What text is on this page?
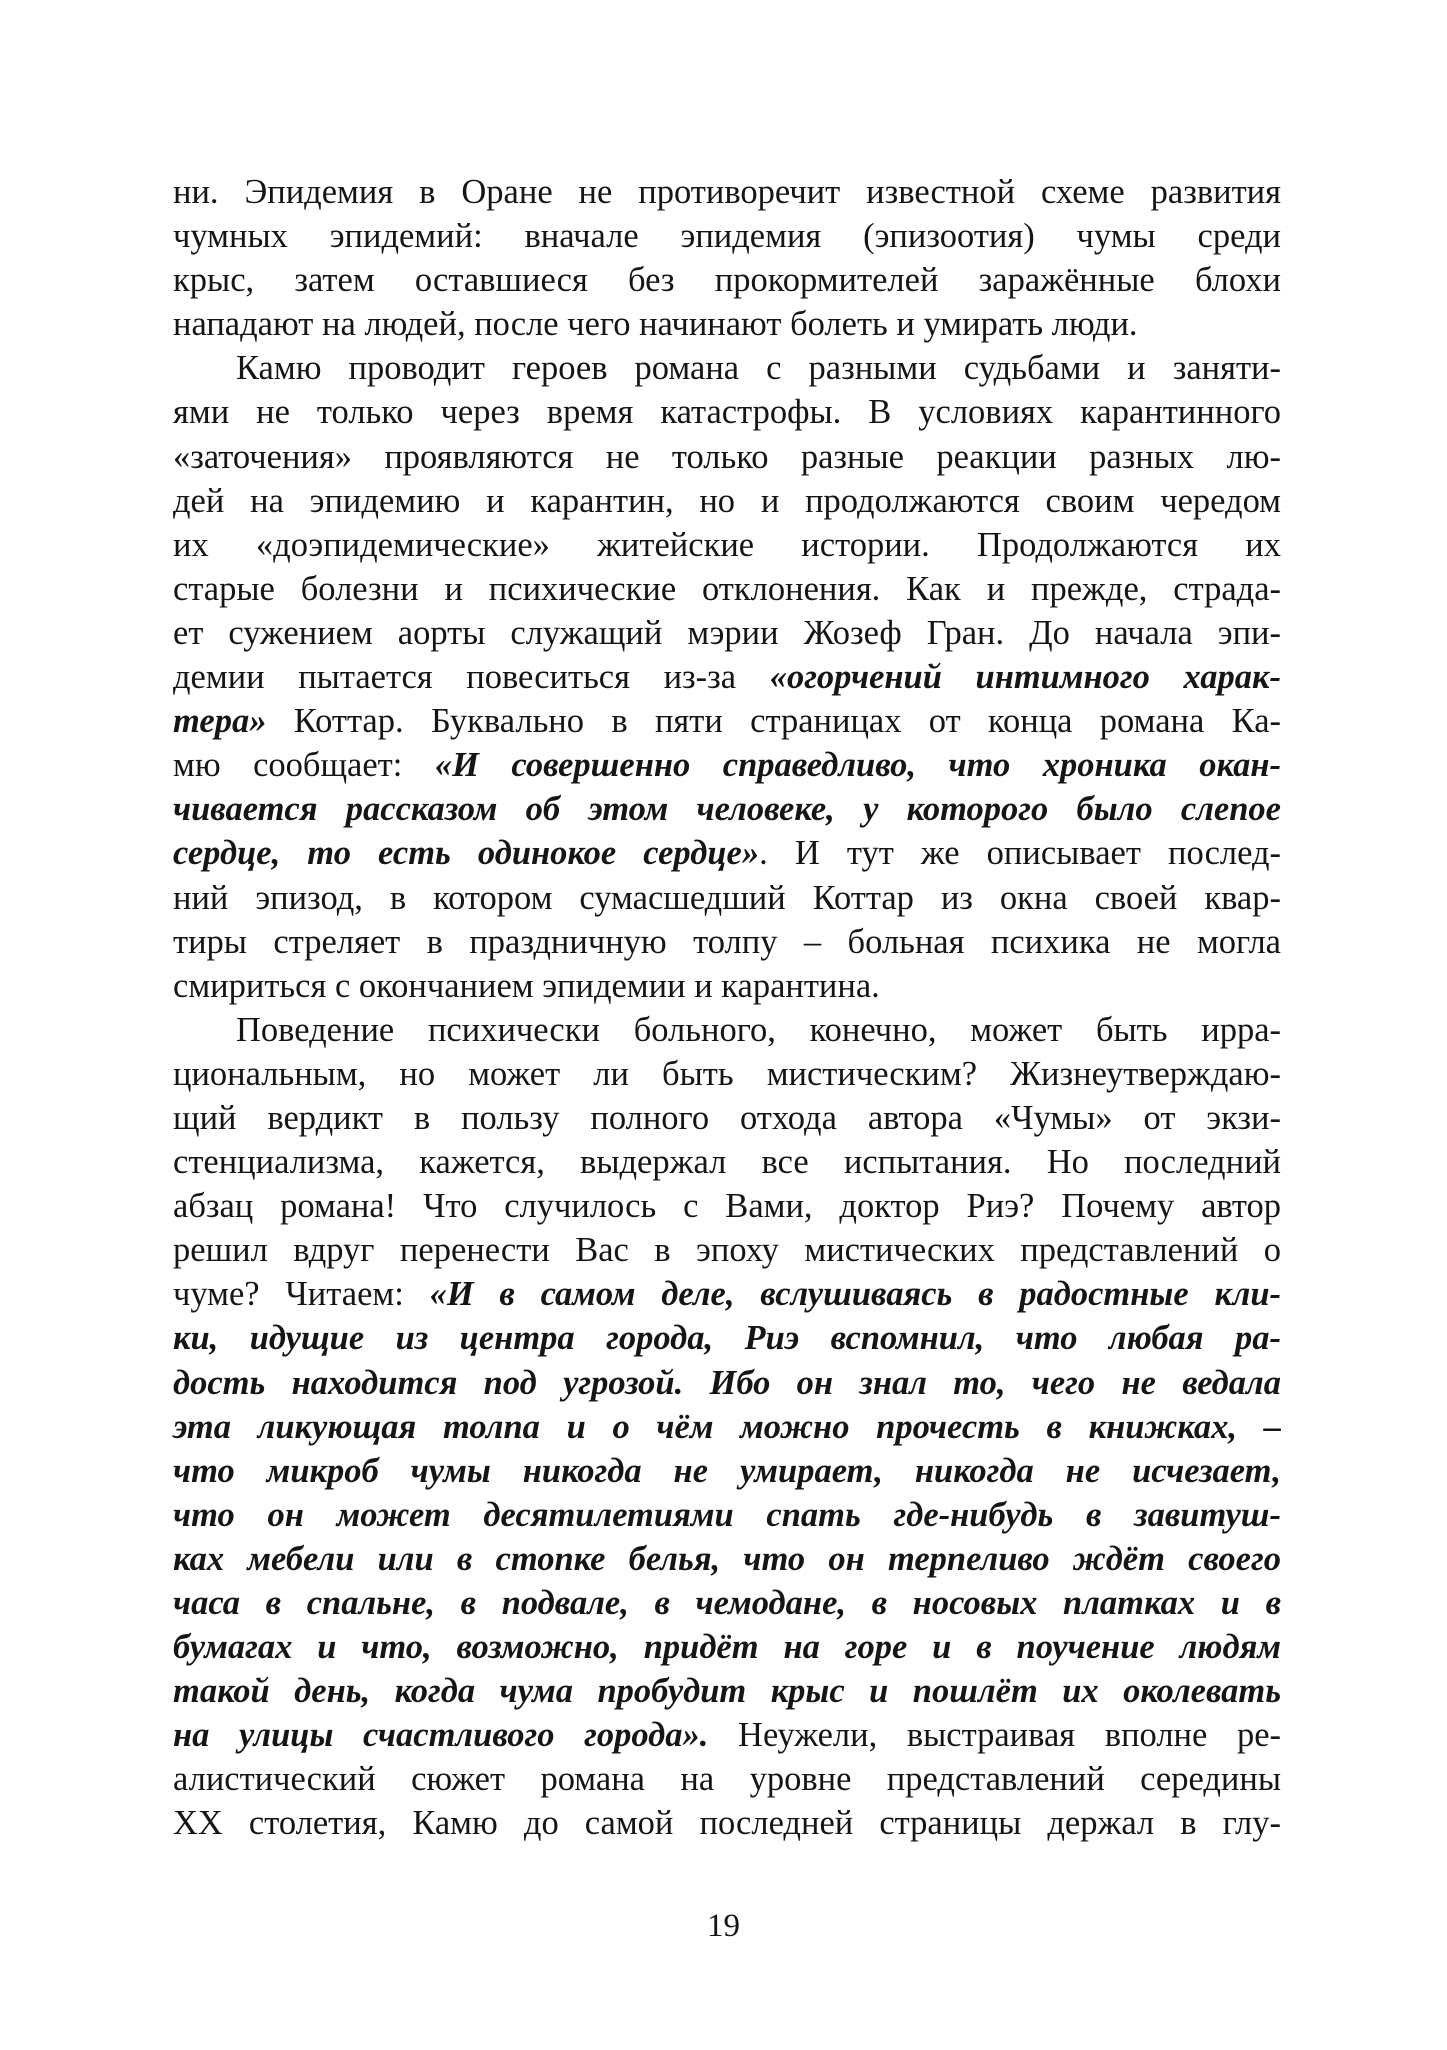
ни. Эпидемия в Оране не противоречит известной схеме развития
чумных эпидемий: вначале эпидемия (эпизоотия) чумы среди
крыс, затем оставшиеся без прокормителей заражённые блохи
нападают на людей, после чего начинают болеть и умирать люди.
Камю проводит героев романа с разными судьбами и заняти-
ями не только через время катастрофы. В условиях карантинного
«заточения» проявляются не только разные реакции разных лю-
дей на эпидемию и карантин, но и продолжаются своим чередом
их «доэпидемические» житейские истории. Продолжаются их
старые болезни и психические отклонения. Как и прежде, страда-
ет сужением аорты служащий мэрии Жозеф Гран. До начала эпи-
демии пытается повеситься из-за «огорчений интимного харак-
тера» Коттар. Буквально в пяти страницах от конца романа Ка-
мю сообщает: «И совершенно справедливо, что хроника окан-
чивается рассказом об этом человеке, у которого было слепое
сердце, то есть одинокое сердце». И тут же описывает послед-
ний эпизод, в котором сумасшедший Коттар из окна своей квар-
тиры стреляет в праздничную толпу – больная психика не могла
смириться с окончанием эпидемии и карантина.
Поведение психически больного, конечно, может быть ирра-
циональным, но может ли быть мистическим? Жизнеутверждаю-
щий вердикт в пользу полного отхода автора «Чумы» от экзи-
стенциализма, кажется, выдержал все испытания. Но последний
абзац романа! Что случилось с Вами, доктор Риэ? Почему автор
решил вдруг перенести Вас в эпоху мистических представлений о
чуме? Читаем: «И в самом деле, вслушиваясь в радостные кли-
ки, идущие из центра города, Риэ вспомнил, что любая ра-
дость находится под угрозой. Ибо он знал то, чего не ведала
эта ликующая толпа и о чём можно прочесть в книжках, –
что микроб чумы никогда не умирает, никогда не исчезает,
что он может десятилетиями спать где-нибудь в завитуш-
ках мебели или в стопке белья, что он терпеливо ждёт своего
часа в спальне, в подвале, в чемодане, в носовых платках и в
бумагах и что, возможно, придёт на горе и в поучение людям
такой день, когда чума пробудит крыс и пошлёт их околевать
на улицы счастливого города». Неужели, выстраивая вполне ре-
алистический сюжет романа на уровне представлений середины
XX столетия, Камю до самой последней страницы держал в глу-
19
